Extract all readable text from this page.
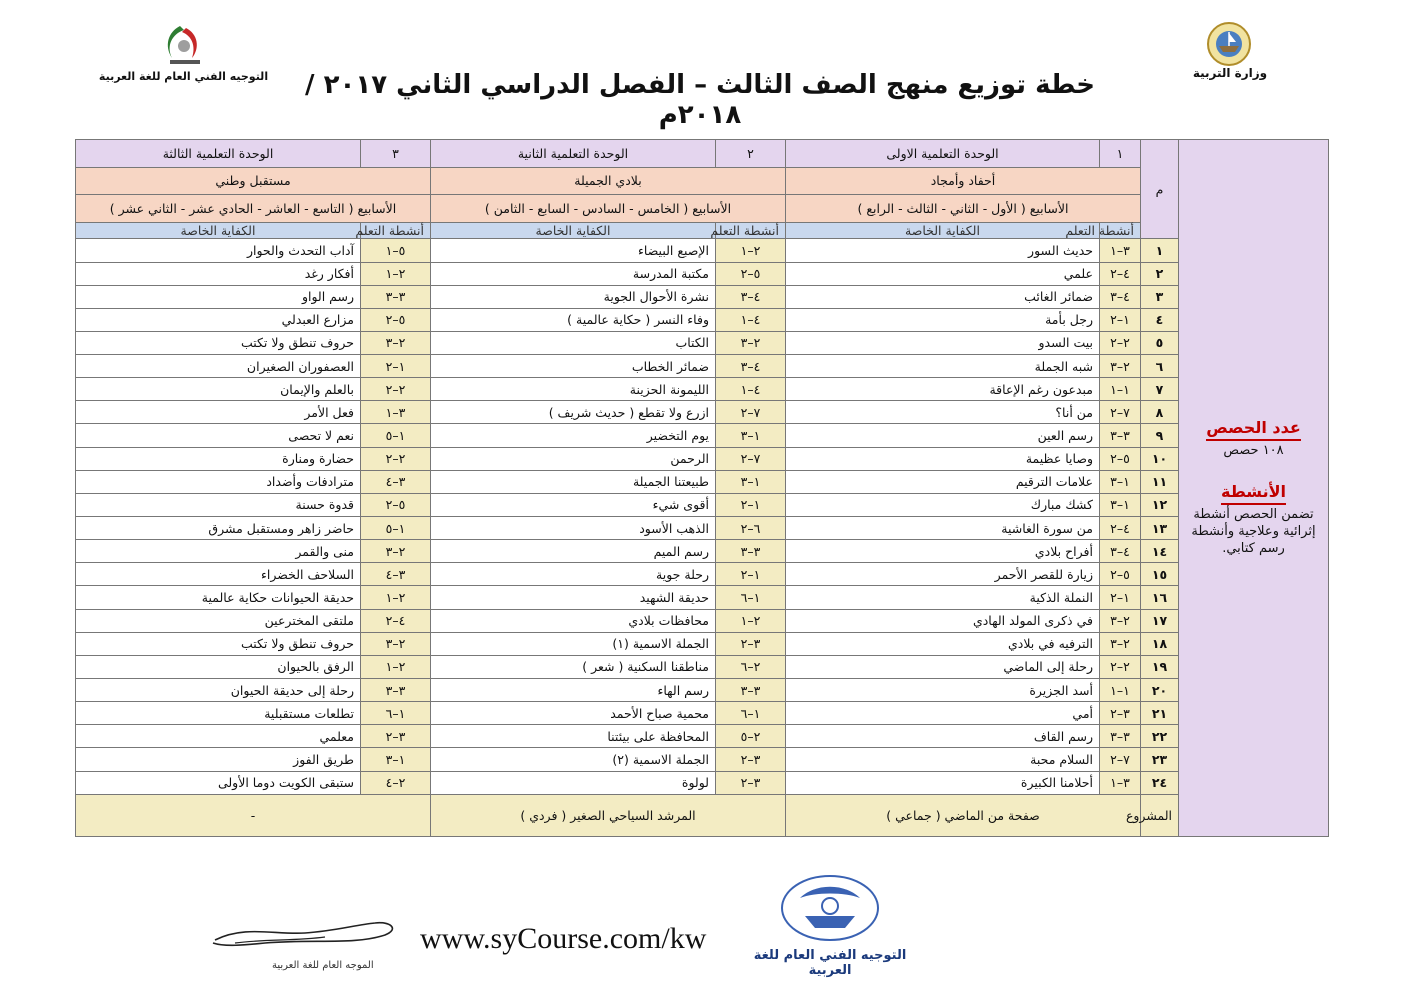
التوجيه الفني العام للغة العربية خطة توزيع منهج الصف الثالث – الفصل الدراسي الثاني ٢٠١٧ / ٢٠١٨م
وزارة التربية
عدد الحصص
١٠٨ حصص
الأنشطة
تضمن الحصص أنشطة إثرائية وعلاجية وأنشطة رسم كتابي.	م	١	الوحدة التعلمية الاولى	٢	الوحدة التعلمية الثانية	٣	الوحدة التعلمية الثالثة
		أحفاد وأمجاد		بلادي الجميلة		مستقبل وطني	
		الأسابيع ( الأول - الثاني - الثالث - الرابع )		الأسابيع ( الخامس - السادس - السابع - الثامن )		الأسابيع ( التاسع - العاشر - الحادي عشر - الثاني عشر )	
		أنشطة التعلم	الكفاية الخاصة	أنشطة التعلم	الكفاية الخاصة	أنشطة التعلم	الكفاية الخاصة
	١	٣–١	حديث السور	٢–١	الإصبع البيضاء	٥–١	آداب التحدث والحوار
	٢	٤–٢	علمي	٥–٢	مكتبة المدرسة	٢–١	أفكار رغد
	٣	٤–٣	ضمائر الغائب	٤–٣	نشرة الأحوال الجوية	٣–٣	رسم الواو
	٤	١–٢	رجل بأمة	٤–١	وفاء النسر ( حكاية عالمية )	٥–٢	مزارع العبدلي
	٥	٢–٢	بيت السدو	٢–٣	الكتاب	٢–٣	حروف تنطق ولا تكتب
	٦	٢–٣	شبه الجملة	٤–٣	ضمائر الخطاب	١–٢	العصفوران الصغيران
	٧	١–١	مبدعون رغم الإعاقة	٤–١	الليمونة الحزينة	٢–٢	بالعلم والإيمان
	٨	٧–٢	من أنا؟	٧–٢	ازرع ولا تقطع ( حديث شريف )	٣–١	فعل الأمر
	٩	٣–٣	رسم العين	١–٣	يوم التخضير	١–٥	نعم لا تحصى
	١٠	٥–٢	وصايا عظيمة	٧–٢	الرحمن	٢–٢	حضارة ومنارة
	١١	١–٣	علامات الترقيم	١–٣	طبيعتنا الجميلة	٣–٤	مترادفات وأضداد
	١٢	١–٣	كشك مبارك	١–٢	أقوى شيء	٥–٢	قدوة حسنة
	١٣	٤–٢	من سورة الغاشية	٦–٢	الذهب الأسود	١–٥	حاضر زاهر ومستقبل مشرق
	١٤	٤–٣	أفراح بلادي	٣–٣	رسم الميم	٢–٣	منى والقمر
	١٥	٥–٢	زيارة للقصر الأحمر	١–٢	رحلة جوية	٣–٤	السلاحف الخضراء
	١٦	١–٢	النملة الذكية	١–٦	حديقة الشهيد	٢–١	حديقة الحيوانات حكاية عالمية
	١٧	٢–٣	في ذكرى المولد الهادي	٢–١	محافظات بلادي	٤–٢	ملتقى المخترعين
	١٨	٢–٣	الترفيه في بلادي	٣–٢	الجملة الاسمية (١)	٢–٣	حروف تنطق ولا تكتب
	١٩	٢–٢	رحلة إلى الماضي	٢–٦	مناطقنا السكنية ( شعر )	٢–١	الرفق بالحيوان
	٢٠	١–١	أسد الجزيرة	٣–٣	رسم الهاء	٣–٣	رحلة إلى حديقة الحيوان
	٢١	٣–٢	أمي	١–٦	محمية صباح الأحمد	١–٦	تطلعات مستقبلية
	٢٢	٣–٣	رسم القاف	٢–٥	المحافظة على بيئتنا	٣–٢	معلمي
	٢٣	٧–٢	السلام محبة	٣–٢	الجملة الاسمية (٢)	١–٣	طريق الفوز
	٢٤	٣–١	أحلامنا الكبيرة	٣–٢	لولوة	٢–٤	ستبقى الكويت دوما الأولى
	المشروع	صفحة من الماضي ( جماعي )		المرشد السياحي الصغير ( فردي )		-	
الموجه العام للغة العربية
www.syCourse.com/kw
التوجيه الفني العام للغة العربية
